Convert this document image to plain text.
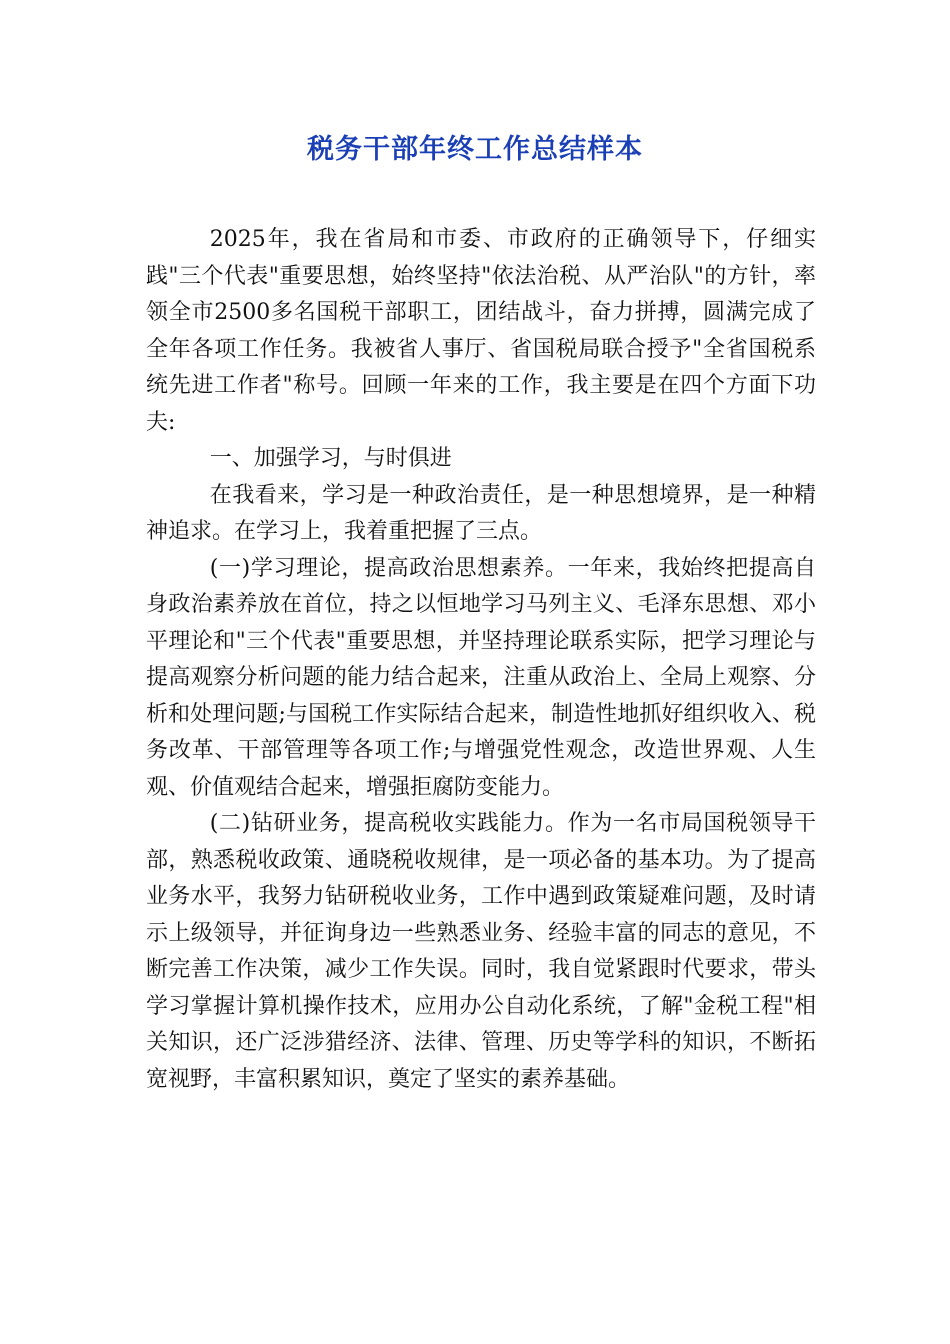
税务干部年终工作总结样本

2025年，我在省局和市委、市政府的正确领导下，仔细实践"三个代表"重要思想，始终坚持"依法治税、从严治队"的方针，率领全市2500多名国税干部职工，团结战斗，奋力拼搏，圆满完成了全年各项工作任务。我被省人事厅、省国税局联合授予"全省国税系统先进工作者"称号。回顾一年来的工作，我主要是在四个方面下功夫:

一、加强学习，与时俱进

在我看来，学习是一种政治责任，是一种思想境界，是一种精神追求。在学习上，我着重把握了三点。

(一)学习理论，提高政治思想素养。一年来，我始终把提高自身政治素养放在首位，持之以恒地学习马列主义、毛泽东思想、邓小平理论和"三个代表"重要思想，并坚持理论联系实际，把学习理论与提高观察分析问题的能力结合起来，注重从政治上、全局上观察、分析和处理问题;与国税工作实际结合起来，制造性地抓好组织收入、税务改革、干部管理等各项工作;与增强党性观念，改造世界观、人生观、价值观结合起来，增强拒腐防变能力。

(二)钻研业务，提高税收实践能力。作为一名市局国税领导干部，熟悉税收政策、通晓税收规律，是一项必备的基本功。为了提高业务水平，我努力钻研税收业务，工作中遇到政策疑难问题，及时请示上级领导，并征询身边一些熟悉业务、经验丰富的同志的意见，不断完善工作决策，减少工作失误。同时，我自觉紧跟时代要求，带头学习掌握计算机操作技术，应用办公自动化系统，了解"金税工程"相关知识，还广泛涉猎经济、法律、管理、历史等学科的知识，不断拓宽视野，丰富积累知识，奠定了坚实的素养基础。
